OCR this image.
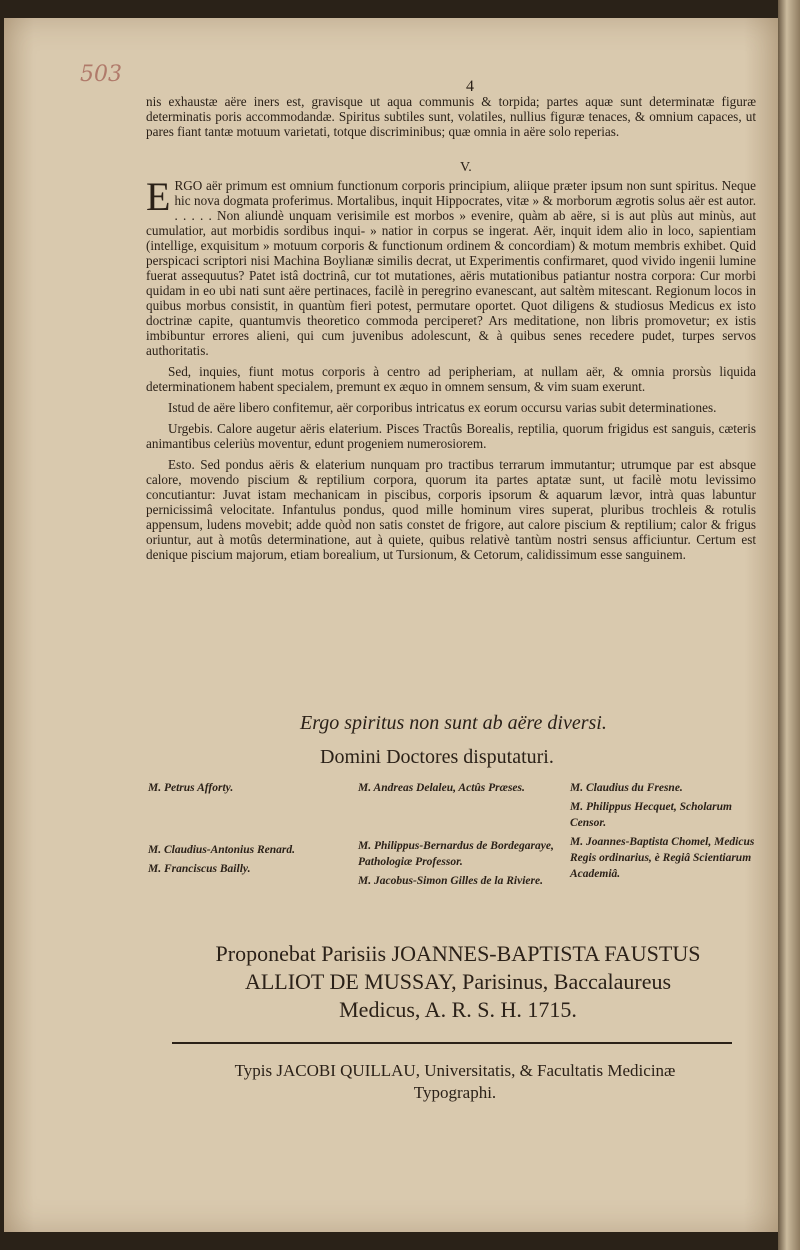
503	4
nis exhaustæ aëre iners est, gravisque ut aqua communis & torpida; partes aquæ sunt determinatæ figuræ determinatis poris accommodandæ. Spiritus subtiles sunt, volatiles, nullius figuræ tenaces, & omnium capaces, ut pares fiant tantæ motuum varietati, totque discriminibus; quæ omnia in aëre solo reperias.
V.

ERGO aër primum est omnium functionum corporis principium, aliique præter ipsum non sunt spiritus. Neque hic nova dogmata proferimus. Mortalibus, inquit Hippocrates, vitæ » & morborum ægrotis solus aër est autor. . . . . . Non aliundè unquam verisimile est morbos » evenire, quàm ab aëre, si is aut plùs aut minùs, aut cumulatior, aut morbidis sordibus inqui- » natior in corpus se ingerat. Aër, inquit idem alio in loco, sapientiam (intellige, exquisitum » motuum corporis & functionum ordinem & concordiam) & motum membris exhibet. Quid perspicaci scriptori nisi Machina Boylianæ similis decrat, ut Experimentis confirmaret, quod vivido ingenii lumine fuerat assequutus? Patet istâ doctrinâ, cur tot mutationes, aëris mutationibus patiantur nostra corpora: Cur morbi quidam in eo ubi nati sunt aëre pertinaces, facilè in peregrino evanescant, aut saltèm mitescant. Regionum locos in quibus morbus consistit, in quantùm fieri potest, permutare oportet. Quot diligens & studiosus Medicus ex isto doctrinæ capite, quantumvis theoretico commoda perciperet? Ars meditatione, non libris promovetur; ex istis imbibuntur errores alieni, qui cum juvenibus adolescunt, & à quibus senes recedere pudet, turpes servos authoritatis.

Sed, inquies, fiunt motus corporis à centro ad peripheriam, at nullam aër, & omnia prorsùs liquida determinationem habent specialem, premunt ex æquo in omnem sensum, & vim suam exerunt.

Istud de aëre libero confitemur, aër corporibus intricatus ex eorum occursu varias subit determinationes.

Urgebis. Calore augetur aëris elaterium. Pisces Tractûs Borealis, reptilia, quorum frigidus est sanguis, cæteris animantibus celeriùs moventur, edunt progeniem numerosiorem.

Esto. Sed pondus aëris & elaterium nunquam pro tractibus terrarum immutantur; utrumque par est absque calore, movendo piscium & reptilium corpora, quorum ita partes aptatæ sunt, ut facilè motu levissimo concutiantur: Juvat istam mechanicam in piscibus, corporis ipsorum & aquarum lævor, intrà quas labuntur pernicissimâ velocitate. Infantulus pondus, quod mille hominum vires superat, pluribus trochleis & rotulis appensum, ludens movebit; adde quòd non satis constet de frigore, aut calore piscium & reptilium; calor & frigus oriuntur, aut à motûs determinatione, aut à quiete, quibus relativè tantùm nostri sensus afficiuntur. Certum est denique piscium majorum, etiam borealium, ut Tursionum, & Cetorum, calidissimum esse sanguinem.

Ergo spiritus non sunt ab aëre diversi.
Domini Doctores disputaturi.
M. Petrus Afforty.
M. Claudius-Antonius Renard.
M. Franciscus Bailly.
M. Andreas Delaleu, Actûs Præses.
M. Philippus-Bernardus de Bordegaraye, Pathologiæ Professor.
M. Jacobus-Simon Gilles de la Riviere.
M. Claudius du Fresne.
M. Philippus Hecquet, Scholarum Censor.
M. Joannes-Baptista Chomel, Medicus Regis ordinarius, è Regiâ Scientiarum Academiâ.
Proponebat Parisiis JOANNES-BAPTISTA FAUSTUS
ALLIOT DE MUSSAY, Parisinus, Baccalaureus
Medicus, A. R. S. H. 1715.
Typis JACOBI QUILLAU, Universitatis, & Facultatis Medicinæ
Typographi.
